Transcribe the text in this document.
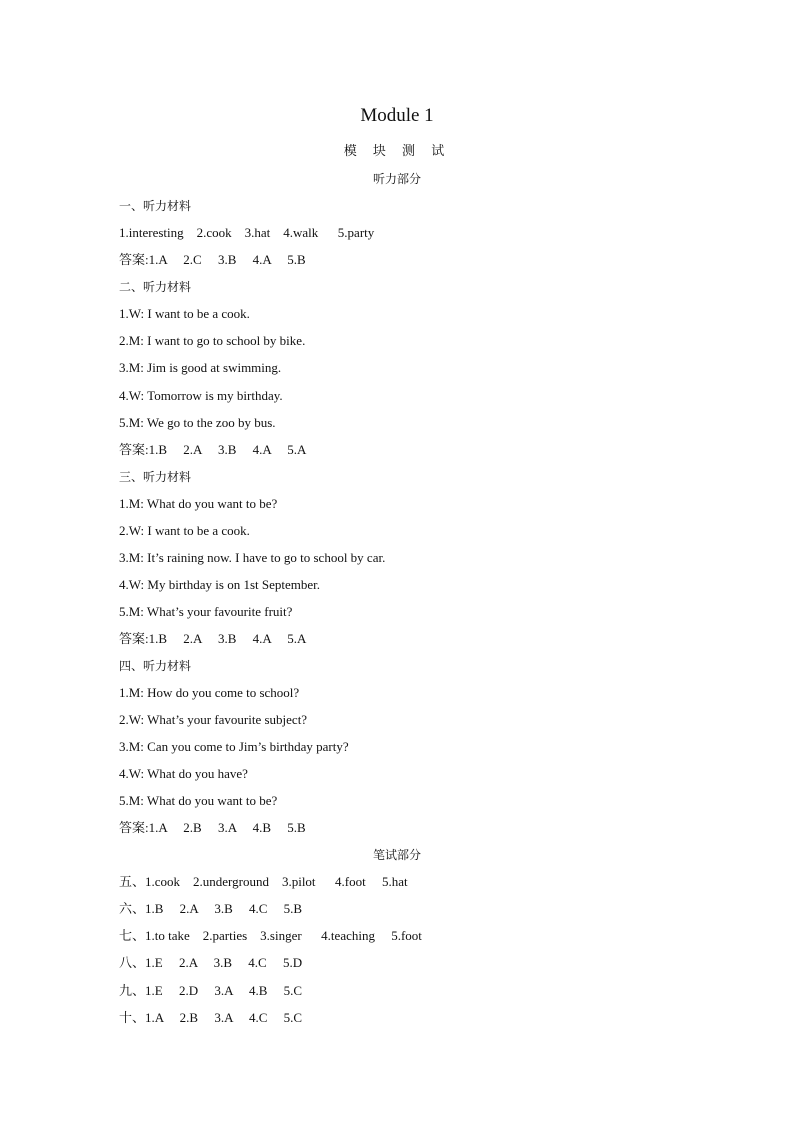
Module 1
模 块 测 试
听力部分
一、听力材料
1.interesting    2.cook    3.hat    4.walk      5.party
答案:1.A     2.C     3.B     4.A     5.B
二、听力材料
1.W: I want to be a cook.
2.M: I want to go to school by bike.
3.M: Jim is good at swimming.
4.W: Tomorrow is my birthday.
5.M: We go to the zoo by bus.
答案:1.B     2.A     3.B     4.A     5.A
三、听力材料
1.M: What do you want to be?
2.W: I want to be a cook.
3.M: It’s raining now. I have to go to school by car.
4.W: My birthday is on 1st September.
5.M: What’s your favourite fruit?
答案:1.B     2.A     3.B     4.A     5.A
四、听力材料
1.M: How do you come to school?
2.W: What’s your favourite subject?
3.M: Can you come to Jim’s birthday party?
4.W: What do you have?
5.M: What do you want to be?
答案:1.A     2.B     3.A     4.B     5.B
笔试部分
五、1.cook    2.underground    3.pilot      4.foot     5.hat
六、1.B     2.A     3.B     4.C     5.B
七、1.to take    2.parties    3.singer      4.teaching     5.foot
八、1.E     2.A     3.B     4.C     5.D
九、1.E     2.D     3.A     4.B     5.C
十、1.A     2.B     3.A     4.C     5.C
